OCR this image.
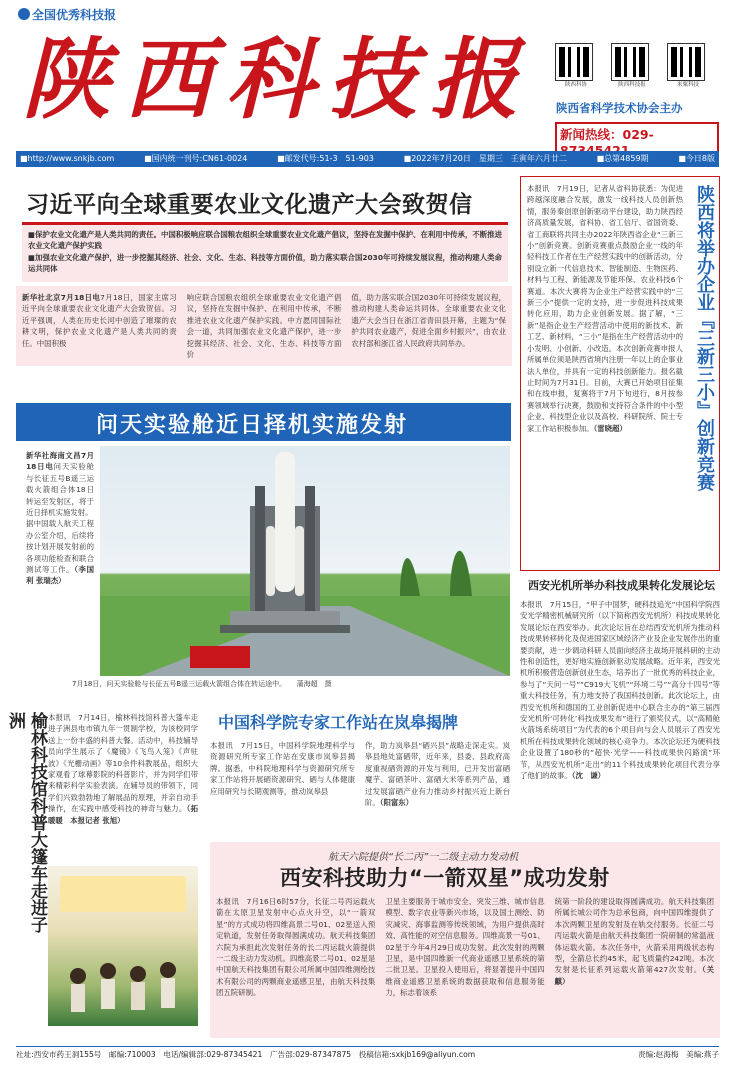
全国优秀科技报
陕西科技报	陕西科协	陕西科技报	米粟科技
陕西省科学技术协会主办
新闻热线：029-
■http://www.snkjb.com	■国内统一刊号:CN61-0024	■邮发代号:51-3　51-903	■2022年7月20日　星期三　壬寅年六月廿二	■总第4859期	■今日8版
习近平向全球重要农业文化遗产大会致贺信
■保护农业文化遗产是人类共同的责任。中国积极响应联合国粮农组织全球重要农业文化遗产倡议，坚持在发掘中保护、在利用中传承，不断推进农业文化遗产保护实践
■加强农业文化遗产保护，进一步挖掘其经济、社会、文化、生态、科技等方面价值，助力落实联合国2030年可持续发展议程，推动构建人类命运共同体
新华社北京7月18日电7月18日，国家主席习近平向全球重要农业文化遗产大会致贺信。习近平强调，人类在历史长河中创造了璀璨的农耕文明，保护农业文化遗产是人类共同的责任。中国积极
响应联合国粮农组织全球重要农业文化遗产倡议，坚持在发掘中保护、在利用中传承，不断推进农业文化遗产保护实践。中方愿同国际社会一道，共同加强农业文化遗产保护，进一步挖掘其经济、社会、文化、生态、科技等方面价
值，助力落实联合国2030年可持续发展议程，推动构建人类命运共同体。全球重要农业文化遗产大会当日在浙江省青田县开幕，主题为“保护共同农业遗产，促进全面乡村振兴”，由农业农村部和浙江省人民政府共同举办。
本报讯　7月19日，记者从省科协获悉：为促进跨越深度融合发展，激发一线科技人员创新热情，服务秦创原创新驱动平台建设，助力陕西经济高质量发展，省科协、省工信厅、省国资委、省工商联将共同主办2022年陕西省企业“三新三小”创新竞赛。创新竞赛重点鼓励企业一线的年轻科技工作者在生产经营实践中的创新活动，分别设立新一代信息技术、智能制造、生物医药、材料与工程、新能源及节能环保、农业科技6个赛道。本次大赛将为企业生产经营实践中的“三新三小”提供一定的支持，进一步促进科技成果转化应用，助力企业创新发展。据了解，“三新”是指企业生产经营活动中使用的新技术、新工艺、新材料，“三小”是指在生产经营活动中的小发明、小创新、小改造。本次创新竞赛申报人所属单位须是陕西省境内注册一年以上的企事业法人单位，并具有一定的科技创新能力。报名截止时间为7月31日。目前，大赛已开始项目征集和在线申报，复赛将于7月下旬进行，8月按参赛领域举行决赛，鼓励和支持符合条件的中小型企业、科技型企业以及高校、科研院所、院士专家工作站积极参加。（雷晓超）	陕西将举办企业『三新三小』创新竞赛
问天实验舱近日择机实施发射
新华社海南文昌7月18日电问天实验舱与长征五号B遥三运载火箭组合体18日转运至发射区，将于近日择机实施发射。
据中国载人航天工程办公室介绍，后续将按计划开展发射前的各项功能检查和联合测试等工作。（李国利 张瑞杰）
7月18日，问天实验舱与长征五号B遥三运载火箭组合体在转运途中。　　蒲海超　摄
西安光机所举办科技成果转化发展论坛
本报讯　7月15日，“甲子中国梦，硬科技追光”中国科学院西安光学精密机械研究所（以下简称西安光机所）科技成果转化发展论坛在西安举办。此次论坛旨在总结西安光机所为推动科技成果转移转化及促进国家区域经济产业及企业发展作出的重要贡献，进一步调动科研人员面向经济主战场开展科研的主动性和创造性，更好地实施创新驱动发展战略。近年来，西安光机所积极营造创新创业生态，培养出了一批优秀的科技企业，参与了“天问一号”“C919大飞机”“环境二号”“高分十四号”等重大科技任务，有力地支持了我国科技创新。此次论坛上，由西安光机所和德国的工业创新促进中心联合主办的“第三届西安光机所‘可转化’科技成果发布”进行了颁奖仪式，以“高精舱火箭场系统项目”为代表的6个项目向与会人员展示了西安光机所在科技成果转化领域的核心竞争力。本次论坛还为硬科技企业设置了180秒的“超快·光学——科技成果快闪路演”环节，从西安光机所“走出”的11个科技成果转化项目代表分享了他们的故事。（沈　谦）
榆林科技馆科普大篷车走进子洲	本报讯　7月14日，榆林科技馆科普大篷车走进子洲县电市镇九年一贯制学校，为该校同学送上一份丰盛的科普大餐。活动中，科技辅导员向学生展示了《魔镜》《飞鸟入笼》《声驻波》《光栅动画》等10余件科教展品，组织大家观看了球幕影院的科普影片，并为同学们带来精彩科学实验表演。在辅导员的带领下，同学们兴致勃勃地了解展品的原理，并亲自动手操作，在实践中感受科技的神奇与魅力。（拓暖暖　本报记者 张旭）
中国科学院专家工作站在岚皋揭牌
本报讯　7月15日，中国科学院地理科学与资源研究所专家工作站在安康市岚皋县揭牌。据悉，中科院地理科学与资源研究所专家工作站将开展硒资源研究、硒与人体健康应用研究与长期观测等，推动岚皋县
作，助力岚皋县“硒兴县”战略走深走实。岚皋县地处富硒带，近年来，县委、县政府高度重视硒资源的开发与利用，已开发出富硒魔芋、富硒茶叶、富硒大米等系列产品，通过发展富硒产业有力推动乡村振兴近上新台阶。（阳富东）
航天六院提供“长二丙”一二级主动力发动机
西安科技助力“一箭双星”成功发射
本报讯　7月16日6时57分，长征二号丙运载火箭在太原卫星发射中心点火升空，以“一箭双星”的方式成功将四维高景二号01、02星送入预定轨道，发射任务取得圆满成功。航天科技集团六院为承担此次发射任务的长二丙运载火箭提供一二级主动力发动机。四维高景二号01、02星是中国航天科技集团有限公司所属中国四维测绘技术有限公司的两颗商业遥感卫星，由航天科技集团五院研制。
卫星主要服务于城市安全、突发三维、城市信息模型、数字农业等新兴市场，以及国土测绘、防灾减灾、海事监测等传统领域，为用户提供高时效、高性能的对空信息服务。四维高景一号01、02星于今年4月29日成功发射。此次发射的两颗卫星，是中国四维新一代商业遥感卫星系统的第二批卫星。卫星投入使用后，将显著提升中国四维商业遥感卫星系统的数据获取和信息服务能力，标志着该系
统第一阶段的建设取得圆满成功。航天科技集团所属长城公司作为总承包商，向中国四维提供了本次两颗卫星的发射及在轨交付服务。长征二号丙运载火箭是由航天科技集团一院研制的常温液体运载火箭。本次任务中，火箭采用两级状态构型，全箭总长约45米，起飞质量约242吨。本次发射是长征系列运载火箭第427次发射。（关　麒）
社址:西安市药王洞155号　邮编:710003　电话/编辑部:029-87345421　广告部:029-87347875　投稿信箱:sxkjb169@aliyun.com	责编:赵海梅　美编:燕子
